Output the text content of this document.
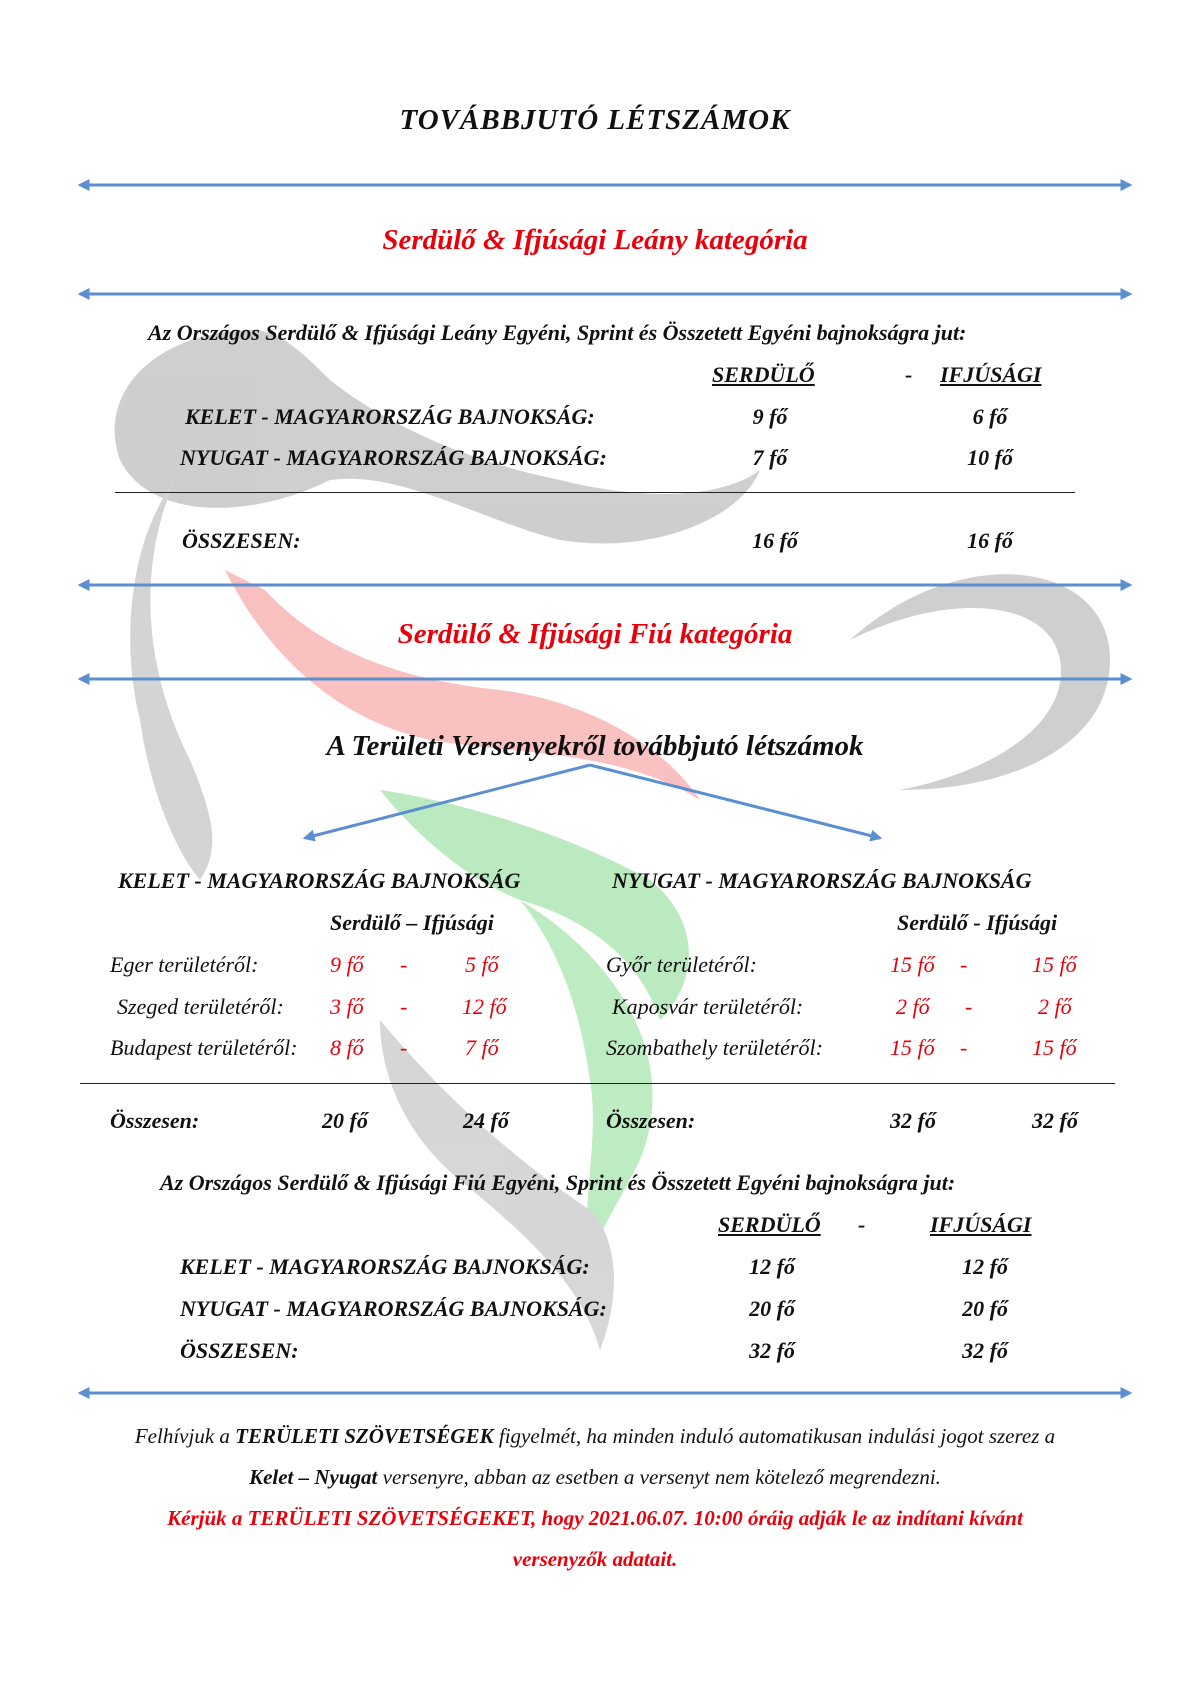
TOVÁBBJUTÓ LÉTSZÁMOK
Serdülő & Ifjúsági Leány kategória
Az Országos Serdülő & Ifjúsági Leány Egyéni, Sprint és Összetett Egyéni bajnokságra jut:
SERDÜLŐ	- IFJÚSÁGI
KELET - MAGYARORSZÁG BAJNOKSÁG:	9 fő	6 fő
NYUGAT - MAGYARORSZÁG BAJNOKSÁG:	7 fő	10 fő
ÖSSZESEN:	16 fő	16 fő
Serdülő & Ifjúsági Fiú kategória
A Területi Versenyekről továbbjutó létszámok
KELET - MAGYARORSZÁG BAJNOKSÁG
Serdülő – Ifjúsági
Eger területéről:	9 fő -	5 fő
Szeged területéről: 3 fő - 12 fő
Budapest területéről: 8 fő -	7 fő
NYUGAT - MAGYARORSZÁG BAJNOKSÁG
Serdülő - Ifjúsági
Győr területéről:	15 fő -	15 fő
Kaposvár területéről:	2 fő -	2 fő
Szombathely területéről:	15 fő -	15 fő
Összesen:	20 fő	24 fő	Összesen:	32 fő	32 fő
Az Országos Serdülő & Ifjúsági Fiú Egyéni, Sprint és Összetett Egyéni bajnokságra jut:
SERDÜLŐ -	IFJÚSÁGI
KELET - MAGYARORSZÁG BAJNOKSÁG:	12 fő	12 fő
NYUGAT - MAGYARORSZÁG BAJNOKSÁG:	20 fő	20 fő
ÖSSZESEN:	32 fő	32 fő
Felhívjuk a TERÜLETI SZÖVETSÉGEK figyelmét, ha minden induló automatikusan indulási jogot szerez a
Kelet – Nyugat versenyre, abban az esetben a versenyt nem kötelező megrendezni.
Kérjük a TERÜLETI SZÖVETSÉGEKET, hogy 2021.06.07. 10:00 óráig adják le az indítani kívánt
versenyzők adatait.
